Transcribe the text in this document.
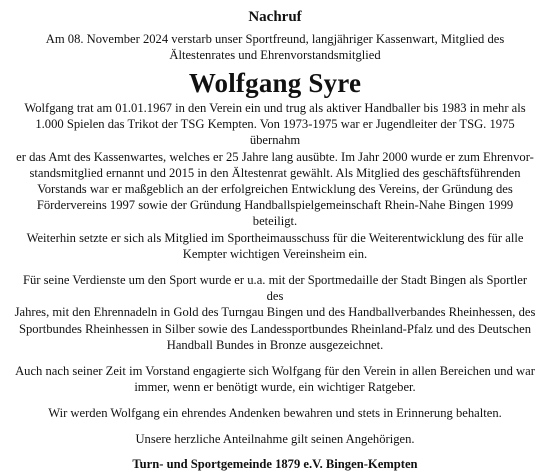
Nachruf

Am 08. November 2024 verstarb unser Sportfreund, langjähriger Kassenwart, Mitglied des
Ältestenrates und Ehrenvorstandsmitglied

Wolfgang Syre

Wolfgang trat am 01.01.1967 in den Verein ein und trug als aktiver Handballer bis 1983 in mehr als
1.000 Spielen das Trikot der TSG Kempten. Von 1973-1975 war er Jugendleiter der TSG. 1975 übernahm
er das Amt des Kassenwartes, welches er 25 Jahre lang ausübte. Im Jahr 2000 wurde er zum Ehrenvor-
standsmitglied ernannt und 2015 in den Ältestenrat gewählt. Als Mitglied des geschäftsführenden
Vorstands war er maßgeblich an der erfolgreichen Entwicklung des Vereins, der Gründung des
Fördervereins 1997 sowie der Gründung Handballspielgemeinschaft Rhein-Nahe Bingen 1999 beteiligt.
Weiterhin setzte er sich als Mitglied im Sportheimausschuss für die Weiterentwicklung des für alle
Kempter wichtigen Vereinsheim ein.

Für seine Verdienste um den Sport wurde er u.a. mit der Sportmedaille der Stadt Bingen als Sportler des
Jahres, mit den Ehrennadeln in Gold des Turngau Bingen und des Handballverbandes Rheinhessen, des
Sportbundes Rheinhessen in Silber sowie des Landessportbundes Rheinland-Pfalz und des Deutschen
Handball Bundes in Bronze ausgezeichnet.

Auch nach seiner Zeit im Vorstand engagierte sich Wolfgang für den Verein in allen Bereichen und war
immer, wenn er benötigt wurde, ein wichtiger Ratgeber.

Wir werden Wolfgang ein ehrendes Andenken bewahren und stets in Erinnerung behalten.

Unsere herzliche Anteilnahme gilt seinen Angehörigen.

Turn- und Sportgemeinde 1879 e.V. Bingen-Kempten
